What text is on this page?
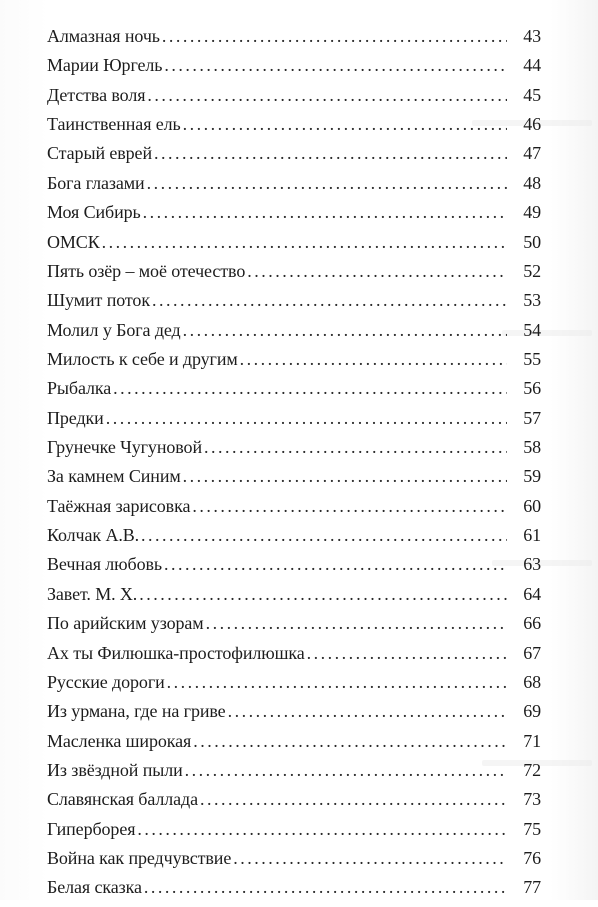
Алмазная ночь . . .	43
Марии Юргель . . .	44
Детства воля . . .	45
Таинственная ель . . .	46
Старый еврей . . .	47
Бога глазами . . .	48
Моя Сибирь . . .	49
ОМСК . . .	50
Пять озёр – моё отечество . . .	52
Шумит поток . . .	53
Молил у Бога дед . . .	54
Милость к себе и другим . . .	55
Рыбалка . . .	56
Предки . . .	57
Грунечке Чугуновой . . .	58
За камнем Синим . . .	59
Таёжная зарисовка . . .	60
Колчак А.В. . . .	61
Вечная любовь . . .	63
Завет. М. Х. . . .	64
По арийским узорам . . .	66
Ах ты Филюшка-простофилюшка . . .	67
Русские дороги . . .	68
Из урмана, где на гриве . . .	69
Масленка широкая . . .	71
Из звёздной пыли . . .	72
Славянская баллада . . .	73
Гиперборея . . .	75
Война как предчувствие . . .	76
Белая сказка . . .	77
